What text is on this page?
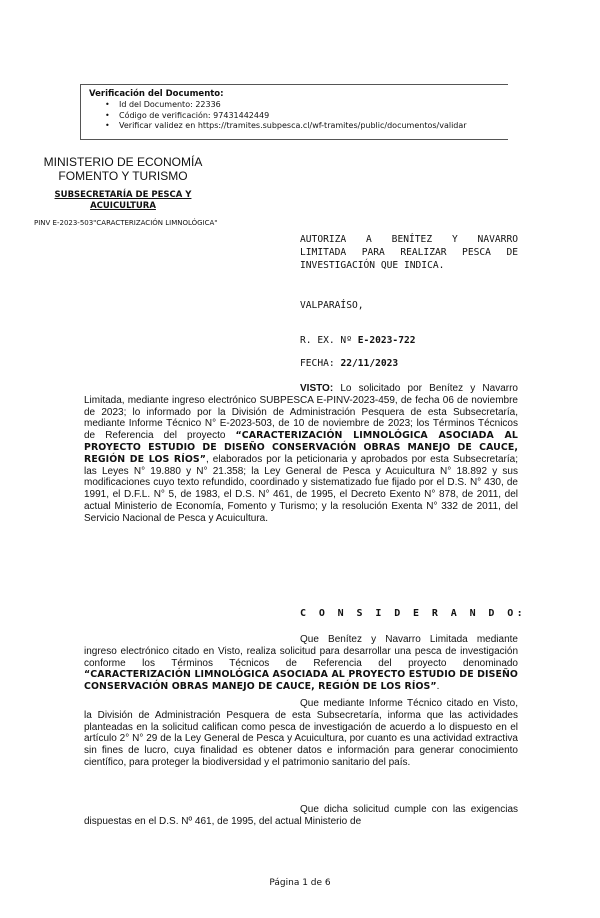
Verificación del Documento:
• Id del Documento: 22336
• Código de verificación: 97431442449
• Verificar validez en https://tramites.subpesca.cl/wf-tramites/public/documentos/validar
MINISTERIO DE ECONOMÍA
FOMENTO Y TURISMO
SUBSECRETARÍA DE PESCA Y
ACUICULTURA
PINV E-2023-503"CARACTERIZACIÓN LIMNOLÓGICA"
AUTORIZA A BENÍTEZ Y NAVARRO
LIMITADA PARA REALIZAR PESCA DE
INVESTIGACIÓN QUE INDICA.
VALPARAÍSO,
R. EX. Nº E-2023-722
FECHA: 22/11/2023

VISTO: Lo solicitado por Benítez y Navarro Limitada, mediante ingreso electrónico SUBPESCA E-PINV-2023-459, de fecha 06 de noviembre de 2023; lo informado por la División de Administración Pesquera de esta Subsecretaría, mediante Informe Técnico N° E-2023-503, de 10 de noviembre de 2023; los Términos Técnicos de Referencia del proyecto “CARACTERIZACIÓN LIMNOLÓGICA ASOCIADA AL PROYECTO ESTUDIO DE DISEÑO CONSERVACIÓN OBRAS MANEJO DE CAUCE, REGIÓN DE LOS RÍOS”, elaborados por la peticionaria y aprobados por esta Subsecretaría; las Leyes N° 19.880 y N° 21.358; la Ley General de Pesca y Acuicultura N° 18.892 y sus modificaciones cuyo texto refundido, coordinado y sistematizado fue fijado por el D.S. N° 430, de 1991, el D.F.L. N° 5, de 1983, el D.S. N° 461, de 1995, el Decreto Exento N° 878, de 2011, del actual Ministerio de Economía, Fomento y Turismo; y la resolución Exenta N° 332 de 2011, del Servicio Nacional de Pesca y Acuicultura.

C O N S I D E R A N D O:

Que Benítez y Navarro Limitada mediante ingreso electrónico citado en Visto, realiza solicitud para desarrollar una pesca de investigación conforme los Términos Técnicos de Referencia del proyecto denominado “CARACTERIZACIÓN LIMNOLÓGICA ASOCIADA AL PROYECTO ESTUDIO DE DISEÑO CONSERVACIÓN OBRAS MANEJO DE CAUCE, REGIÓN DE LOS RÍOS”.

Que mediante Informe Técnico citado en Visto, la División de Administración Pesquera de esta Subsecretaría, informa que las actividades planteadas en la solicitud califican como pesca de investigación de acuerdo a lo dispuesto en el artículo 2° N° 29 de la Ley General de Pesca y Acuicultura, por cuanto es una actividad extractiva sin fines de lucro, cuya finalidad es obtener datos e información para generar conocimiento científico, para proteger la biodiversidad y el patrimonio sanitario del país.

Que dicha solicitud cumple con las exigencias dispuestas en el D.S. Nº 461, de 1995, del actual Ministerio de

Página 1 de 6
